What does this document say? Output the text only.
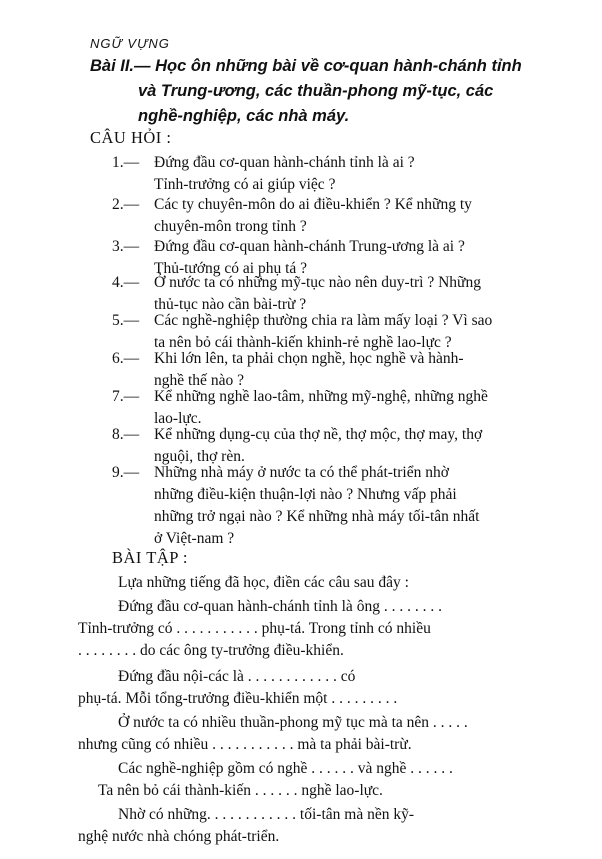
NGỮ VỰNG
Bài II.— Học ôn những bài về cơ-quan hành-chánh tỉnh
và Trung-ương, các thuần-phong mỹ-tục, các
nghề-nghiệp, các nhà máy.
CÂU HỎI :
1.— Đứng đầu cơ-quan hành-chánh tỉnh là ai ?
Tỉnh-trưởng có ai giúp việc ?
2.— Các ty chuyên-môn do ai điều-khiển ? Kể những ty
chuyên-môn trong tỉnh ?
3.— Đứng đầu cơ-quan hành-chánh Trung-ương là ai ?
Thủ-tướng có ai phụ tá ?
4.— Ở nước ta có những mỹ-tục nào nên duy-trì ? Những
thủ-tục nào cần bài-trừ ?
5.— Các nghề-nghiệp thường chia ra làm mấy loại ? Vì sao
ta nên bỏ cái thành-kiến khinh-rẻ nghề lao-lực ?
6.— Khi lớn lên, ta phải chọn nghề, học nghề và hành-
nghề thế nào ?
7.— Kể những nghề lao-tâm, những mỹ-nghệ, những nghề
lao-lực.
8.— Kể những dụng-cụ của thợ nề, thợ mộc, thợ may, thợ
nguội, thợ rèn.
9.— Những nhà máy ở nước ta có thể phát-triển nhờ
những điều-kiện thuận-lợi nào ? Nhưng vấp phải
những trở ngại nào ? Kể những nhà máy tối-tân nhất
ở Việt-nam ?
BÀI TẬP :
Lựa những tiếng đã học, điền các câu sau đây :
Đứng đầu cơ-quan hành-chánh tỉnh là ông . . . . . . . .
Tỉnh-trưởng có . . . . . . . . . . . phụ-tá. Trong tỉnh có nhiều
. . . . . . . . do các ông ty-trưởng điều-khiển.
Đứng đầu nội-các là . . . . . . . . . . . . có
phụ-tá. Mỗi tổng-trưởng điều-khiển một . . . . . . . . .
Ở nước ta có nhiều thuần-phong mỹ tục mà ta nên . . . . .
nhưng cũng có nhiều . . . . . . . . . . . mà ta phải bài-trừ.
Các nghề-nghiệp gồm có nghề . . . . . . và nghề . . . . . .
Ta nên bỏ cái thành-kiến . . . . . . nghề lao-lực.
Nhờ có những. . . . . . . . . . . . tối-tân mà nền kỹ-
nghệ nước nhà chóng phát-triển.
